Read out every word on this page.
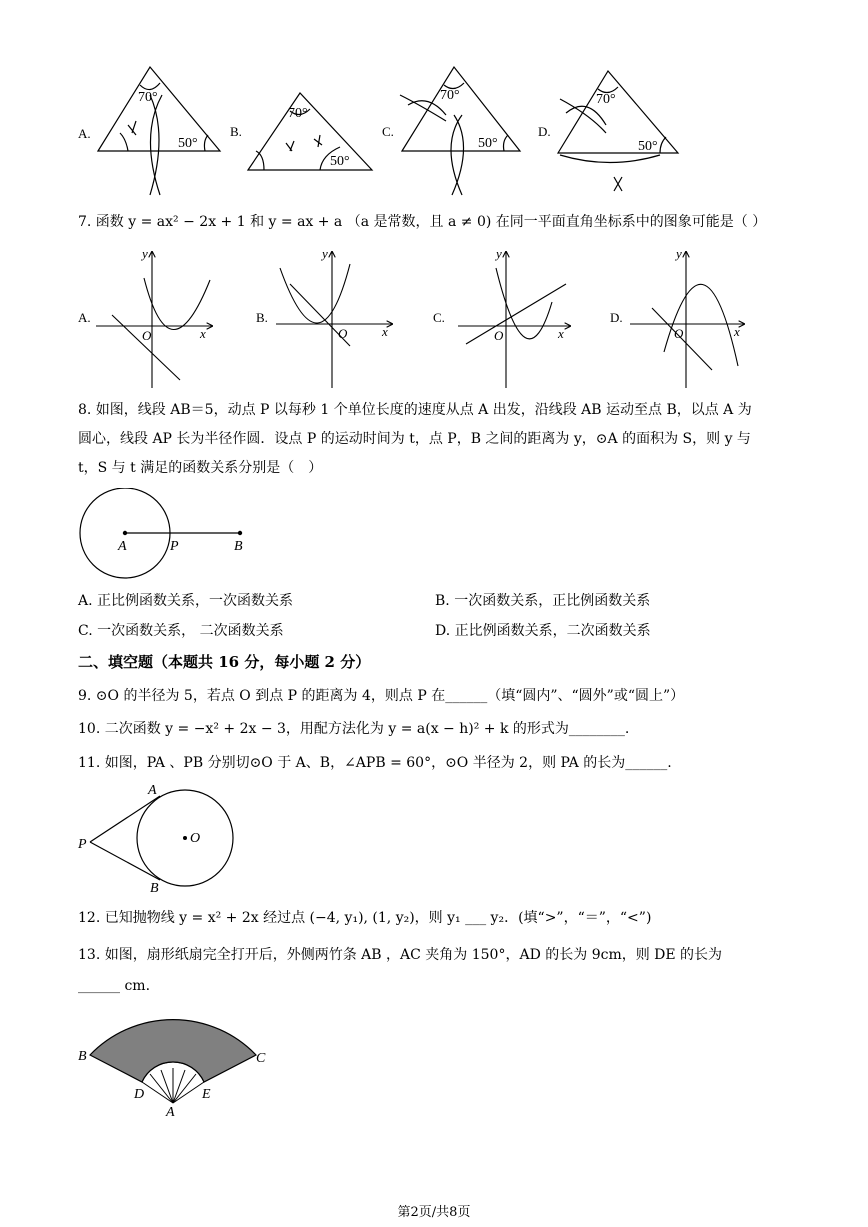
A.
70°
50°
B.
70°
50°
C.
70°
50°
D.
70°
50°
7. 函数 y = ax² − 2x + 1 和 y = ax + a （a 是常数，且 a ≠ 0) 在同一平面直角坐标系中的图象可能是（ ）
A.
O	x
y
B.
O	x
y
C.
O	x
y
D.
O	x
y
8. 如图，线段 AB＝5，动点 P 以每秒 1 个单位长度的速度从点 A 出发，沿线段 AB 运动至点 B，以点 A 为
圆心，线段 AP 长为半径作圆．设点 P 的运动时间为 t，点 P，B 之间的距离为 y，⊙A 的面积为 S，则 y 与
t，S 与 t 满足的函数关系分别是（　）
A	P	B
A. 正比例函数关系，一次函数关系	B. 一次函数关系，正比例函数关系
C. 一次函数关系， 二次函数关系	D. 正比例函数关系，二次函数关系
二、填空题（本题共 16 分，每小题 2 分）
9. ⊙O 的半径为 5，若点 O 到点 P 的距离为 4，则点 P 在______（填“圆内”、“圆外”或“圆上”）
10. 二次函数 y = −x² + 2x − 3，用配方法化为 y = a(x − h)² + k 的形式为________.
11. 如图，PA 、PB 分别切⊙O 于 A、B，∠APB = 60°，⊙O 半径为 2，则 PA 的长为______.
A
B
P	O
12. 已知抛物线 y = x² + 2x 经过点 (−4, y₁), (1, y₂)，则 y₁ ___ y₂．(填“>”，“＝”，“<”)
13. 如图，扇形纸扇完全打开后，外侧两竹条 AB ，AC 夹角为 150°，AD 的长为 9cm，则 DE 的长为
______ cm.
B	C
D	E
A
第2页/共8页
